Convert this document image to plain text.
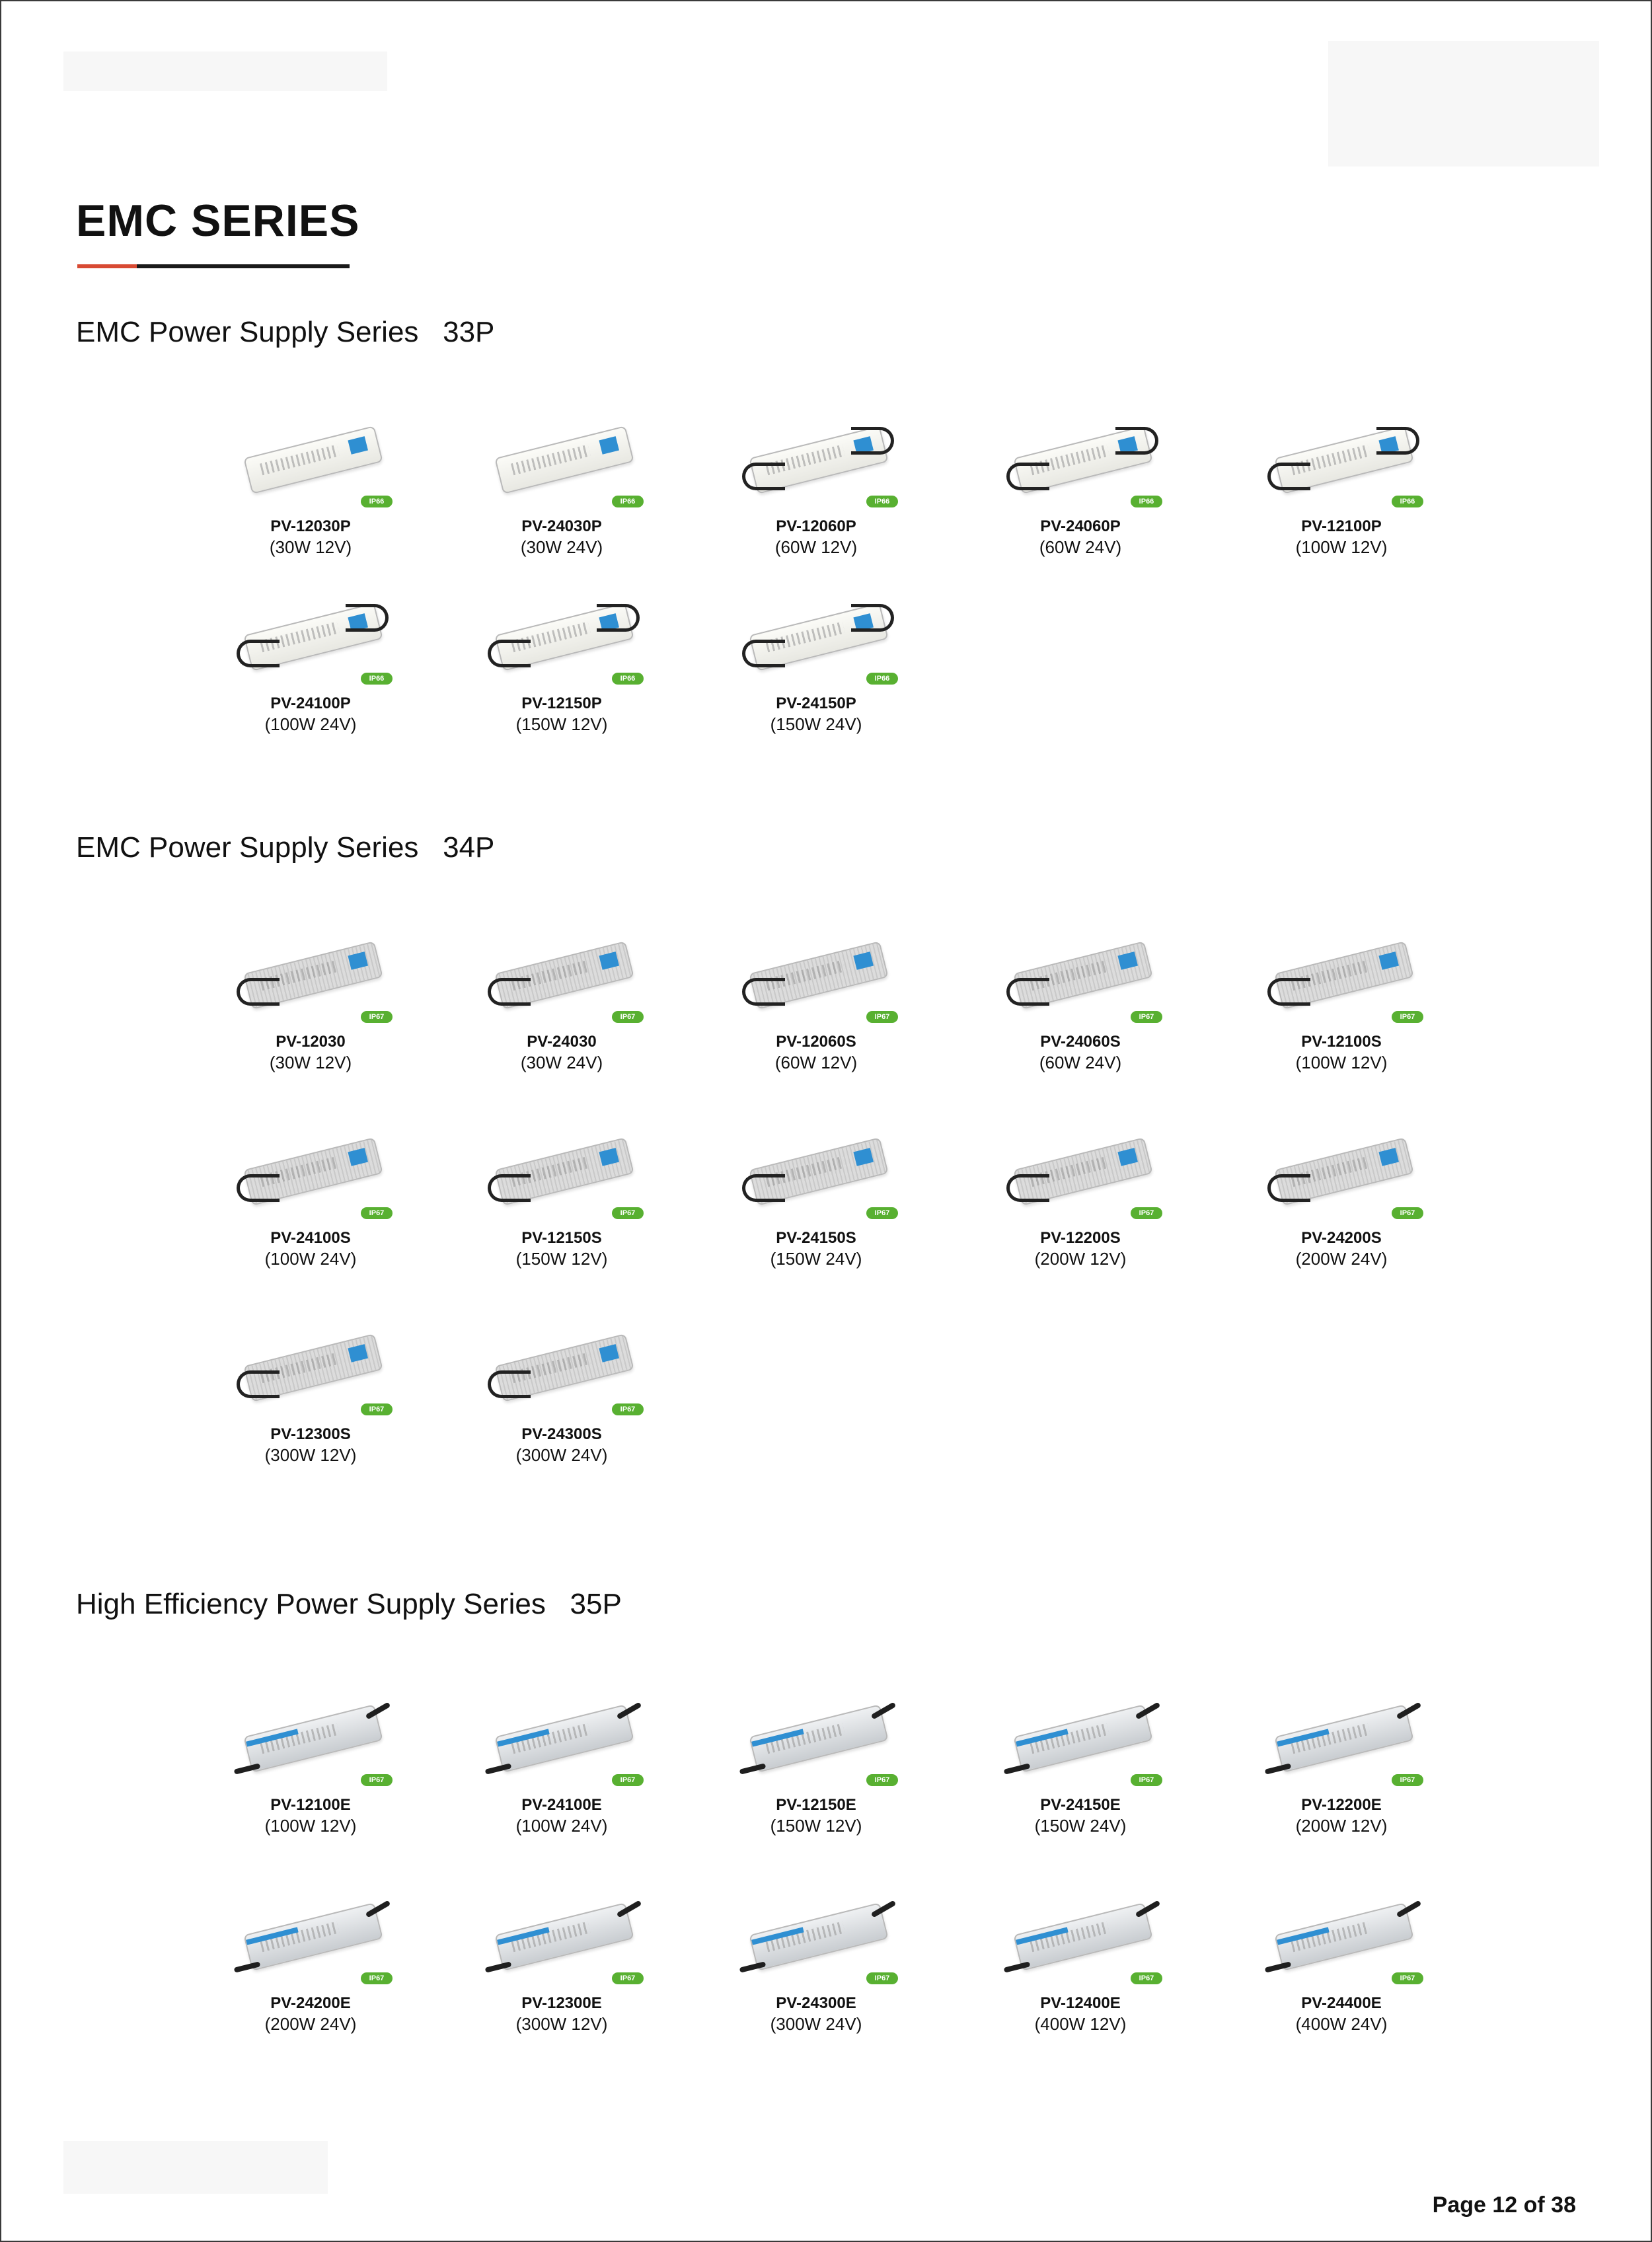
EMC SERIES
EMC Power Supply Series   33P
IP66
PV-12030P
(30W 12V)
IP66
PV-24030P
(30W 24V)
IP66
PV-12060P
(60W 12V)
IP66
PV-24060P
(60W 24V)
IP66
PV-12100P
(100W 12V)
IP66
PV-24100P
(100W 24V)
IP66
PV-12150P
(150W 12V)
IP66
PV-24150P
(150W 24V)
EMC Power Supply Series   34P
IP67
PV-12030
(30W 12V)
IP67
PV-24030
(30W 24V)
IP67
PV-12060S
(60W 12V)
IP67
PV-24060S
(60W 24V)
IP67
PV-12100S
(100W 12V)
IP67
PV-24100S
(100W 24V)
IP67
PV-12150S
(150W 12V)
IP67
PV-24150S
(150W 24V)
IP67
PV-12200S
(200W 12V)
IP67
PV-24200S
(200W 24V)
IP67
PV-12300S
(300W 12V)
IP67
PV-24300S
(300W 24V)
High Efficiency Power Supply Series   35P
IP67
PV-12100E
(100W 12V)
IP67
PV-24100E
(100W 24V)
IP67
PV-12150E
(150W 12V)
IP67
PV-24150E
(150W 24V)
IP67
PV-12200E
(200W 12V)
IP67
PV-24200E
(200W 24V)
IP67
PV-12300E
(300W 12V)
IP67
PV-24300E
(300W 24V)
IP67
PV-12400E
(400W 12V)
IP67
PV-24400E
(400W 24V)
Page 12 of 38
